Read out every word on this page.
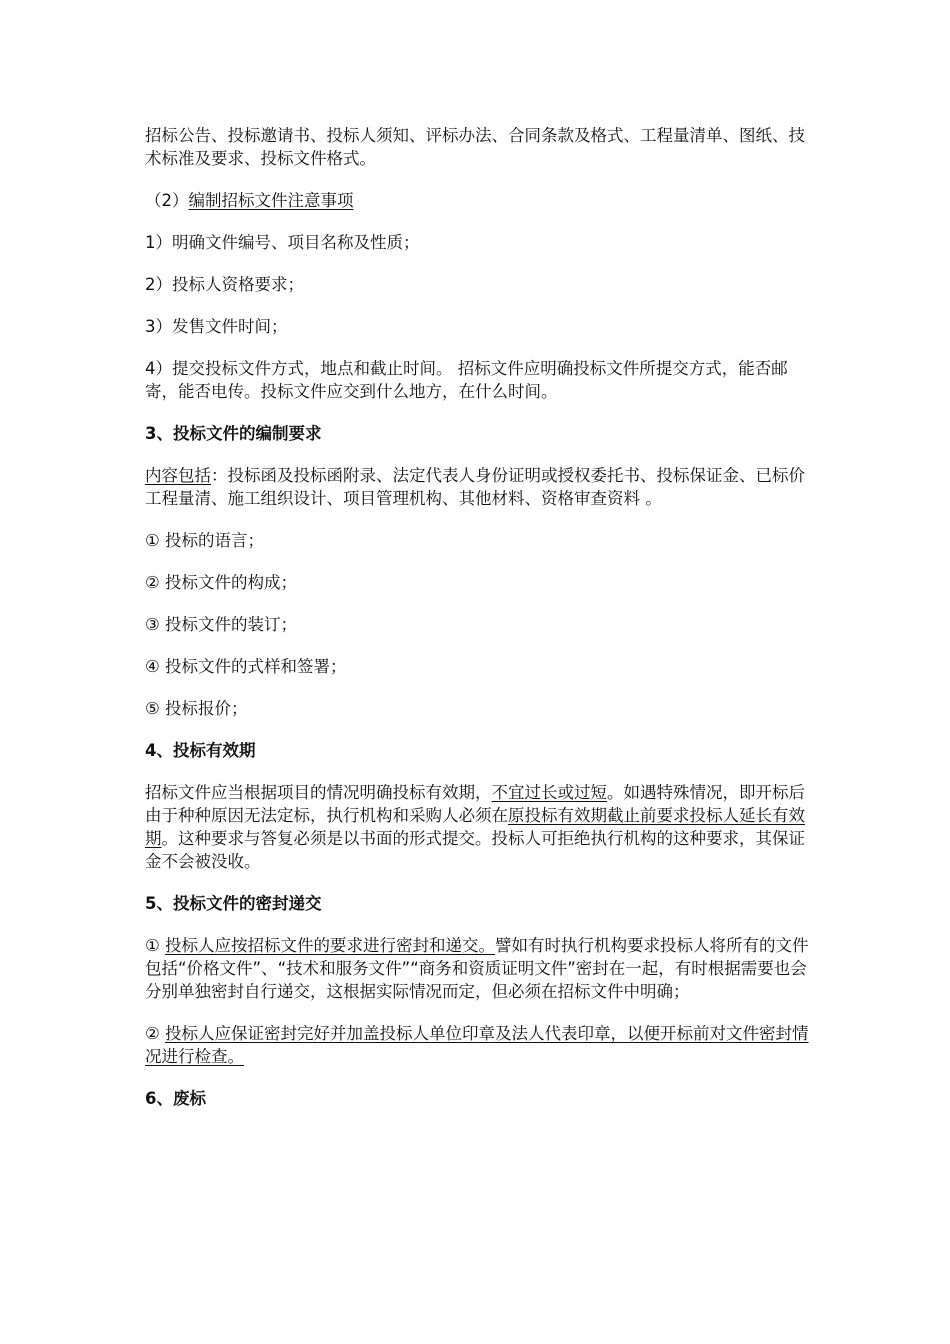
招标公告、投标邀请书、投标人须知、评标办法、合同条款及格式、工程量清单、图纸、技术标准及要求、投标文件格式。

（2）编制招标文件注意事项

1）明确文件编号、项目名称及性质；

2）投标人资格要求；

3）发售文件时间；

4）提交投标文件方式，地点和截止时间。 招标文件应明确投标文件所提交方式，能否邮寄，能否电传。投标文件应交到什么地方，在什么时间。

3、投标文件的编制要求

内容包括：投标函及投标函附录、法定代表人身份证明或授权委托书、投标保证金、已标价工程量清、施工组织设计、项目管理机构、其他材料、资格审查资料 。

① 投标的语言；

② 投标文件的构成；

③ 投标文件的装订；

④ 投标文件的式样和签署；

⑤ 投标报价；

4、投标有效期

招标文件应当根据项目的情况明确投标有效期，不宜过长或过短。如遇特殊情况，即开标后由于种种原因无法定标，执行机构和采购人必须在原投标有效期截止前要求投标人延长有效期。这种要求与答复必须是以书面的形式提交。投标人可拒绝执行机构的这种要求，其保证金不会被没收。

5、投标文件的密封递交

① 投标人应按招标文件的要求进行密封和递交。譬如有时执行机构要求投标人将所有的文件包括“价格文件”、“技术和服务文件”“商务和资质证明文件”密封在一起，有时根据需要也会分别单独密封自行递交，这根据实际情况而定，但必须在招标文件中明确；

② 投标人应保证密封完好并加盖投标人单位印章及法人代表印章，以便开标前对文件密封情况进行检查。

6、废标
